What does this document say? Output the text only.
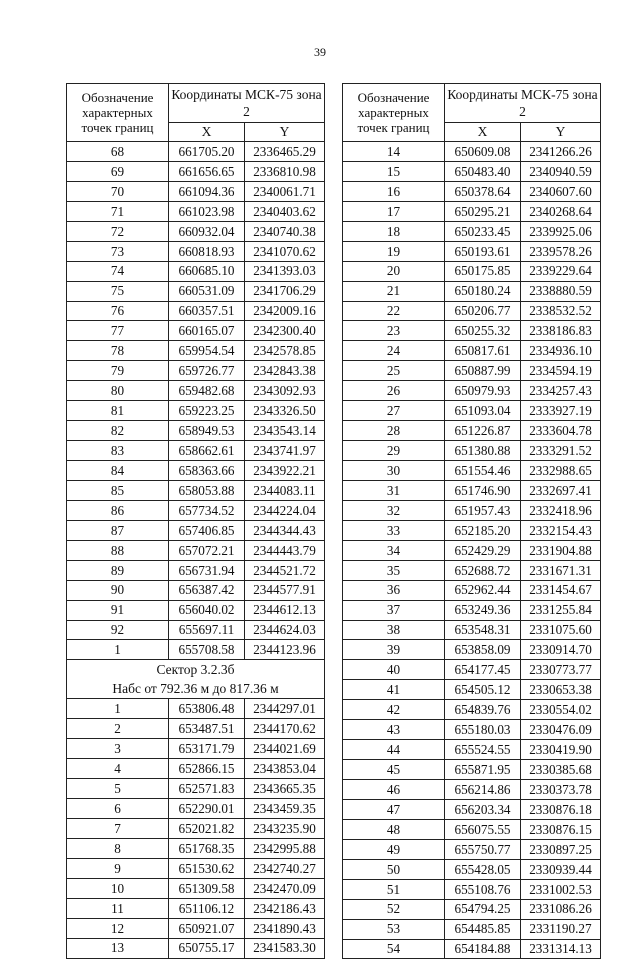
39
Обозначение характерных точек границ	Координаты МСК-75 зона 2	
	X	Y
68	661705.20	2336465.29
69	661656.65	2336810.98
70	661094.36	2340061.71
71	661023.98	2340403.62
72	660932.04	2340740.38
73	660818.93	2341070.62
74	660685.10	2341393.03
75	660531.09	2341706.29
76	660357.51	2342009.16
77	660165.07	2342300.40
78	659954.54	2342578.85
79	659726.77	2342843.38
80	659482.68	2343092.93
81	659223.25	2343326.50
82	658949.53	2343543.14
83	658662.61	2343741.97
84	658363.66	2343922.21
85	658053.88	2344083.11
86	657734.52	2344224.04
87	657406.85	2344344.43
88	657072.21	2344443.79
89	656731.94	2344521.72
90	656387.42	2344577.91
91	656040.02	2344612.13
92	655697.11	2344624.03
1	655708.58	2344123.96

Сектор 3.2.3б
Набс от 792.36 м до 817.36 м		

1	653806.48	2344297.01
2	653487.51	2344170.62
3	653171.79	2344021.69
4	652866.15	2343853.04
5	652571.83	2343665.35
6	652290.01	2343459.35
7	652021.82	2343235.90
8	651768.35	2342995.88
9	651530.62	2342740.27
10	651309.58	2342470.09
11	651106.12	2342186.43
12	650921.07	2341890.43
13	650755.17	2341583.30
Обозначение характерных точек границ	Координаты МСК-75 зона 2	
	X	Y
14	650609.08	2341266.26
15	650483.40	2340940.59
16	650378.64	2340607.60
17	650295.21	2340268.64
18	650233.45	2339925.06
19	650193.61	2339578.26
20	650175.85	2339229.64
21	650180.24	2338880.59
22	650206.77	2338532.52
23	650255.32	2338186.83
24	650817.61	2334936.10
25	650887.99	2334594.19
26	650979.93	2334257.43
27	651093.04	2333927.19
28	651226.87	2333604.78
29	651380.88	2333291.52
30	651554.46	2332988.65
31	651746.90	2332697.41
32	651957.43	2332418.96
33	652185.20	2332154.43
34	652429.29	2331904.88
35	652688.72	2331671.31
36	652962.44	2331454.67
37	653249.36	2331255.84
38	653548.31	2331075.60
39	653858.09	2330914.70
40	654177.45	2330773.77
41	654505.12	2330653.38
42	654839.76	2330554.02
43	655180.03	2330476.09
44	655524.55	2330419.90
45	655871.95	2330385.68
46	656214.86	2330373.78
47	656203.34	2330876.18
48	656075.55	2330876.15
49	655750.77	2330897.25
50	655428.05	2330939.44
51	655108.76	2331002.53
52	654794.25	2331086.26
53	654485.85	2331190.27
54	654184.88	2331314.13
